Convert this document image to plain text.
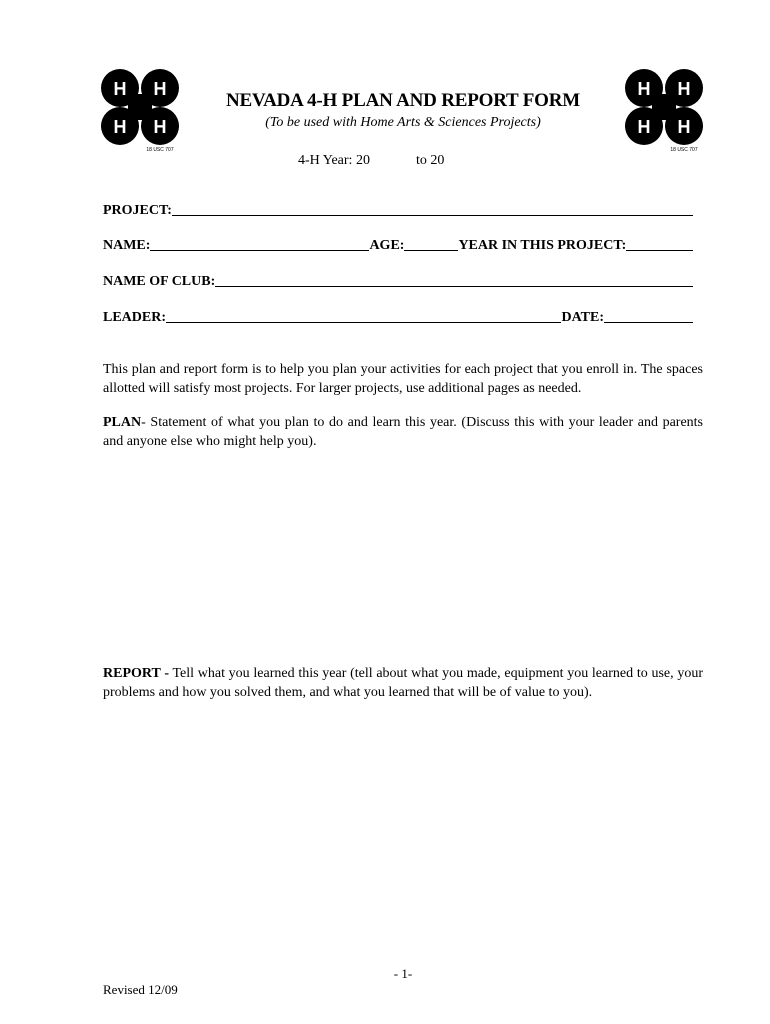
H H
H H
18 USC 707
H H
H H
18 USC 707
NEVADA 4-H PLAN AND REPORT FORM
(To be used with Home Arts & Sciences Projects)
4-H Year: 20	to 20
PROJECT:
NAME:	AGE:	YEAR IN THIS PROJECT:
NAME OF CLUB:
LEADER:	DATE:
This plan and report form is to help you plan your activities for each project that you enroll in. The spaces allotted will satisfy most projects. For larger projects, use additional pages as needed.
PLAN- Statement of what you plan to do and learn this year. (Discuss this with your leader and parents and anyone else who might help you).
REPORT - Tell what you learned this year (tell about what you made, equipment you learned to use, your problems and how you solved them, and what you learned that will be of value to you).
- 1-
Revised 12/09
